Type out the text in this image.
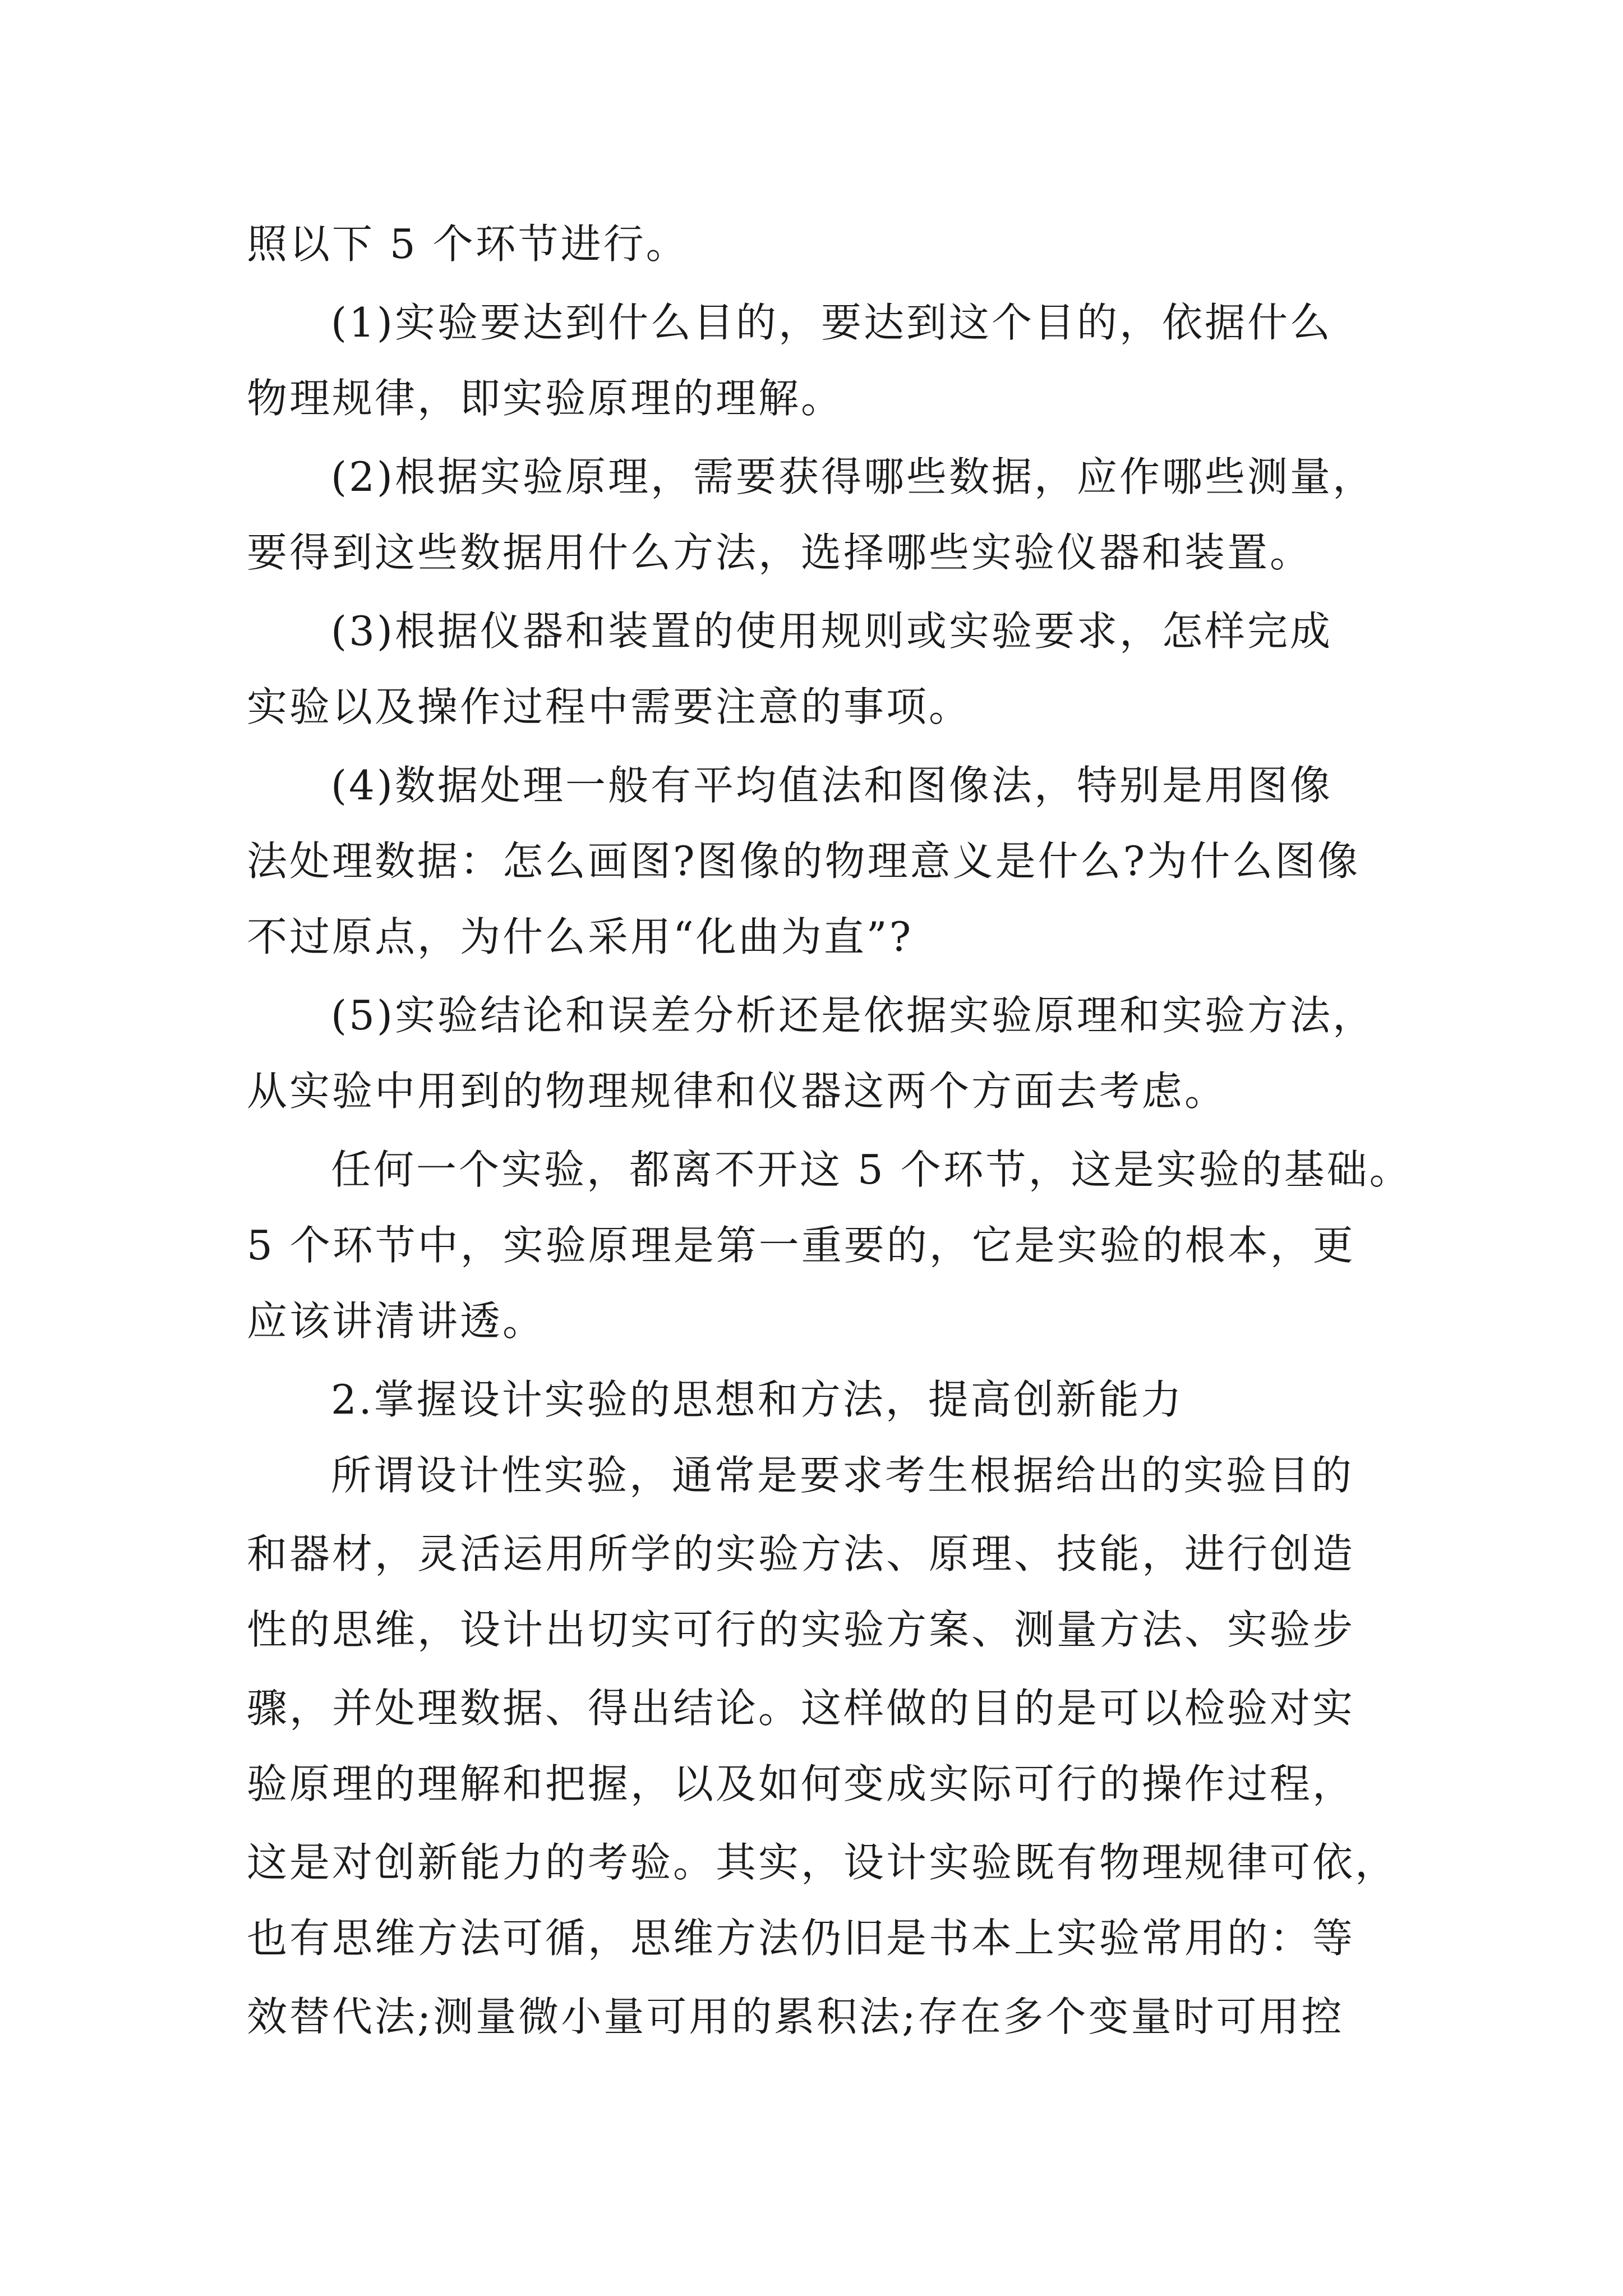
照以下 5 个环节进行。
(1)实验要达到什么目的，要达到这个目的，依据什么
物理规律，即实验原理的理解。
(2)根据实验原理，需要获得哪些数据，应作哪些测量，
要得到这些数据用什么方法，选择哪些实验仪器和装置。
(3)根据仪器和装置的使用规则或实验要求，怎样完成
实验以及操作过程中需要注意的事项。
(4)数据处理一般有平均值法和图像法，特别是用图像
法处理数据：怎么画图?图像的物理意义是什么?为什么图像
不过原点，为什么采用“化曲为直”?
(5)实验结论和误差分析还是依据实验原理和实验方法，
从实验中用到的物理规律和仪器这两个方面去考虑。
任何一个实验，都离不开这 5 个环节，这是实验的基础。
5 个环节中，实验原理是第一重要的，它是实验的根本，更
应该讲清讲透。
2.掌握设计实验的思想和方法，提高创新能力
所谓设计性实验，通常是要求考生根据给出的实验目的
和器材，灵活运用所学的实验方法、原理、技能，进行创造
性的思维，设计出切实可行的实验方案、测量方法、实验步
骤，并处理数据、得出结论。这样做的目的是可以检验对实
验原理的理解和把握，以及如何变成实际可行的操作过程，
这是对创新能力的考验。其实，设计实验既有物理规律可依，
也有思维方法可循，思维方法仍旧是书本上实验常用的：等
效替代法;测量微小量可用的累积法;存在多个变量时可用控
